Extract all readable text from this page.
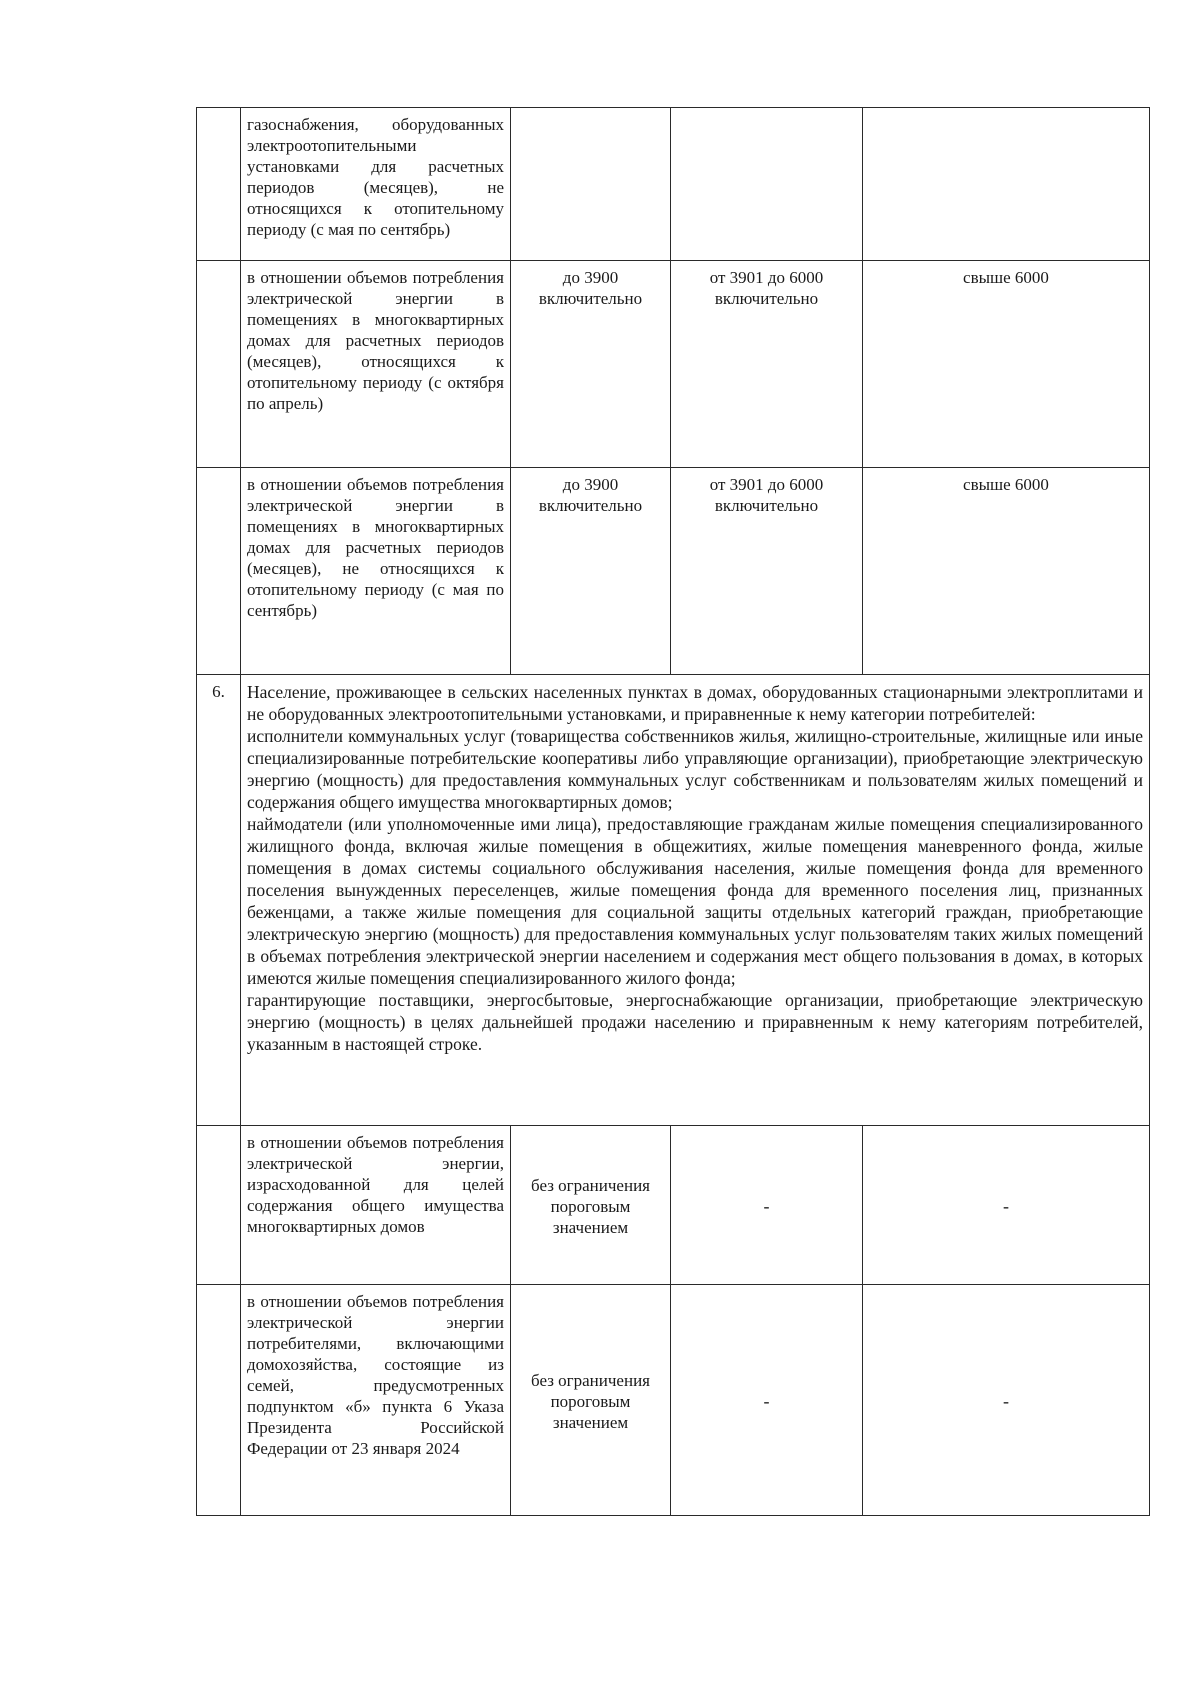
	газоснабжения, оборудованных электроотопительными установками для расчетных периодов (месяцев), не относящихся к отопительному периоду (с мая по сентябрь)			
	в отношении объемов потребления электрической энергии в помещениях в многоквартирных домах для расчетных периодов (месяцев), относящихся к отопительному периоду (с октября по апрель)	до 3900 включительно	от 3901 до 6000 включительно	свыше 6000
	в отношении объемов потребления электрической энергии в помещениях в многоквартирных домах для расчетных периодов (месяцев), не относящихся к отопительному периоду (с мая по сентябрь)	до 3900 включительно	от 3901 до 6000 включительно	свыше 6000
6.	Население, проживающее в сельских населенных пунктах в домах, оборудованных стационарными электроплитами и не оборудованных электроотопительными установками, и приравненные к нему категории потребителей:

исполнители коммунальных услуг (товарищества собственников жилья, жилищно-строительные, жилищные или иные специализированные потребительские кооперативы либо управляющие организации), приобретающие электрическую энергию (мощность) для предоставления коммунальных услуг собственникам и пользователям жилых помещений и содержания общего имущества многоквартирных домов;

наймодатели (или уполномоченные ими лица), предоставляющие гражданам жилые помещения специализированного жилищного фонда, включая жилые помещения в общежитиях, жилые помещения маневренного фонда, жилые помещения в домах системы социального обслуживания населения, жилые помещения фонда для временного поселения вынужденных переселенцев, жилые помещения фонда для временного поселения лиц, признанных беженцами, а также жилые помещения для социальной защиты отдельных категорий граждан, приобретающие электрическую энергию (мощность) для предоставления коммунальных услуг пользователям таких жилых помещений в объемах потребления электрической энергии населением и содержания мест общего пользования в домах, в которых имеются жилые помещения специализированного жилого фонда;

гарантирующие поставщики, энергосбытовые, энергоснабжающие организации, приобретающие электрическую энергию (мощность) в целях дальнейшей продажи населению и приравненным к нему категориям потребителей, указанным в настоящей строке.			

	в отношении объемов потребления электрической энергии, израсходованной для целей содержания общего имущества многоквартирных домов	без ограничения пороговым значением	-	-
	в отношении объемов потребления электрической энергии потребителями, включающими домохозяйства, состоящие из семей, предусмотренных подпунктом «б» пункта 6 Указа Президента Российской Федерации от 23 января 2024	без ограничения пороговым значением	-	-
